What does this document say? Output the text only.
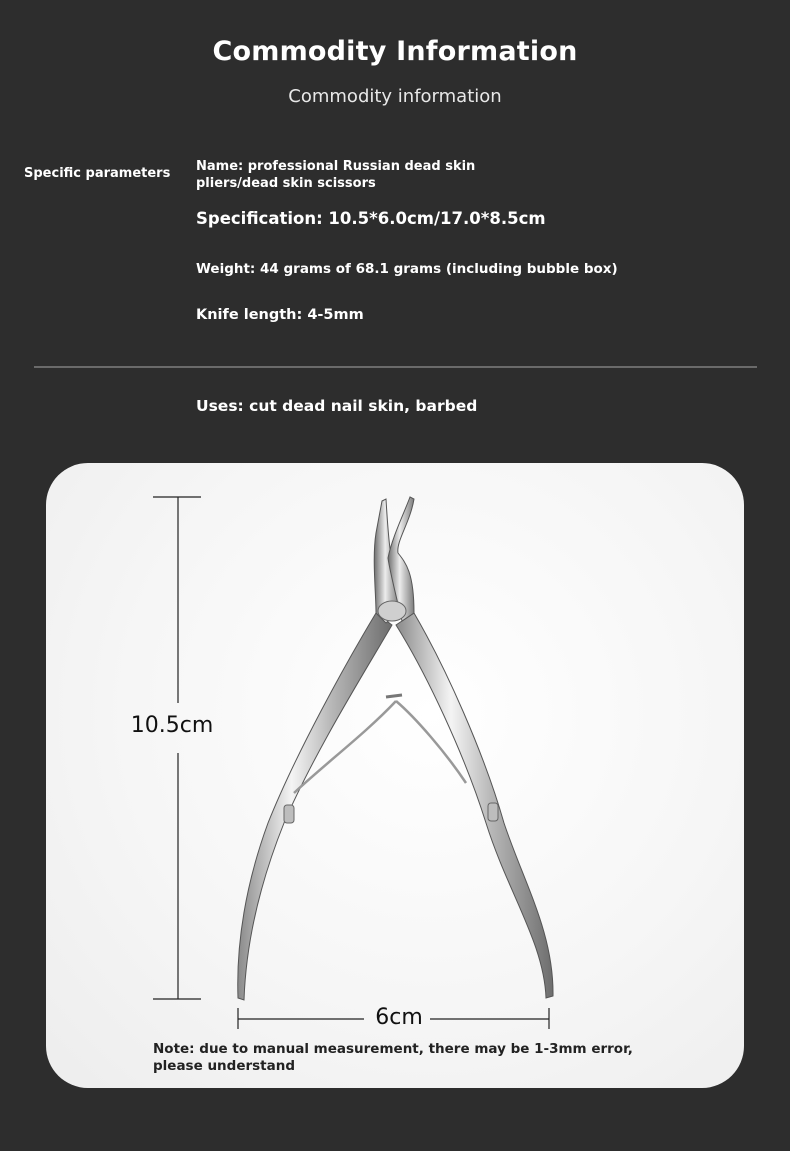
Commodity Information
Commodity information
Specific parameters Name: professional Russian dead skin pliers/dead skin scissors
Specification: 10.5*6.0cm/17.0*8.5cm
Weight: 44 grams of 68.1 grams (including bubble box)
Knife length: 4-5mm
Uses: cut dead nail skin, barbed
10.5cm
6cm
Note: due to manual measurement, there may be 1-3mm error, please understand
